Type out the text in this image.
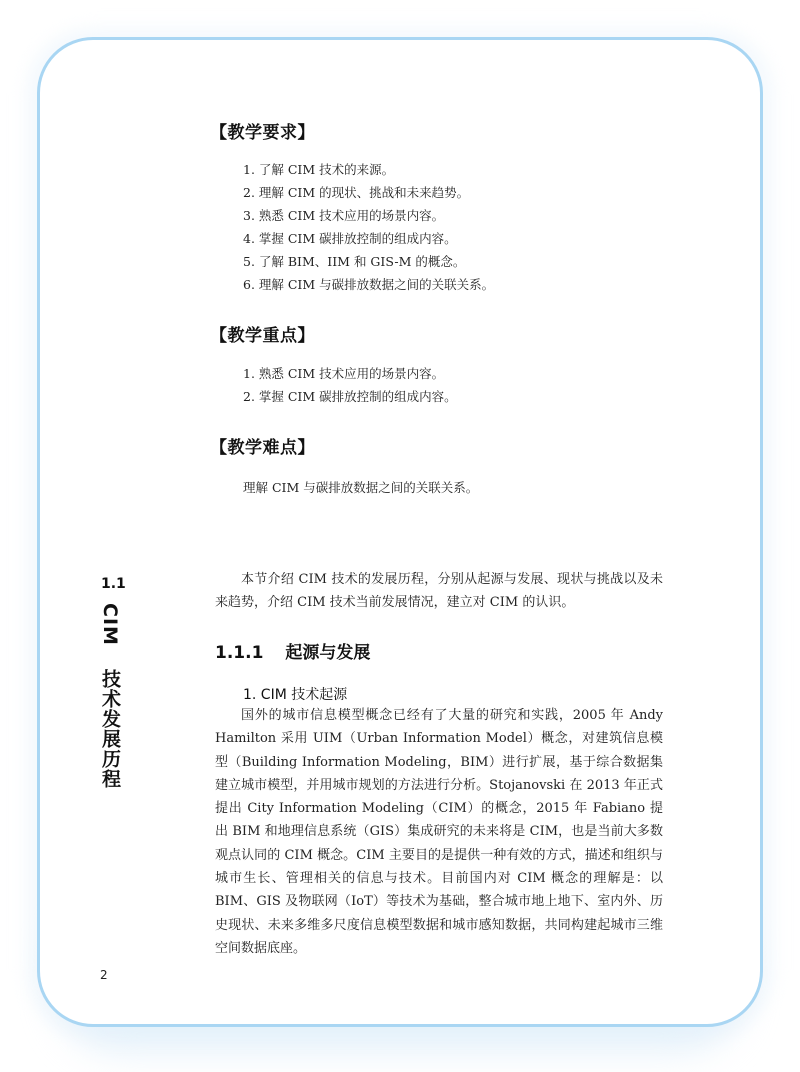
【教学要求】
1. 了解 CIM 技术的来源。
2. 理解 CIM 的现状、挑战和未来趋势。
3. 熟悉 CIM 技术应用的场景内容。
4. 掌握 CIM 碳排放控制的组成内容。
5. 了解 BIM、IIM 和 GIS-M 的概念。
6. 理解 CIM 与碳排放数据之间的关联关系。
【教学重点】
1. 熟悉 CIM 技术应用的场景内容。
2. 掌握 CIM 碳排放控制的组成内容。
【教学难点】
理解 CIM 与碳排放数据之间的关联关系。
1.1
CIM 技术发展历程

本节介绍 CIM 技术的发展历程，分别从起源与发展、现状与挑战以及未来趋势，介绍 CIM 技术当前发展情况，建立对 CIM 的认识。

1.1.1 起源与发展
1. CIM 技术起源

国外的城市信息模型概念已经有了大量的研究和实践，2005 年 Andy Hamilton 采用 UIM（Urban Information Model）概念，对建筑信息模型（Building Information Modeling，BIM）进行扩展，基于综合数据集建立城市模型，并用城市规划的方法进行分析。Stojanovski 在 2013 年正式提出 City Information Modeling（CIM）的概念，2015 年 Fabiano 提出 BIM 和地理信息系统（GIS）集成研究的未来将是 CIM，也是当前大多数观点认同的 CIM 概念。CIM 主要目的是提供一种有效的方式，描述和组织与城市生长、管理相关的信息与技术。目前国内对 CIM 概念的理解是：以 BIM、GIS 及物联网（IoT）等技术为基础，整合城市地上地下、室内外、历史现状、未来多维多尺度信息模型数据和城市感知数据，共同构建起城市三维空间数据底座。

2
